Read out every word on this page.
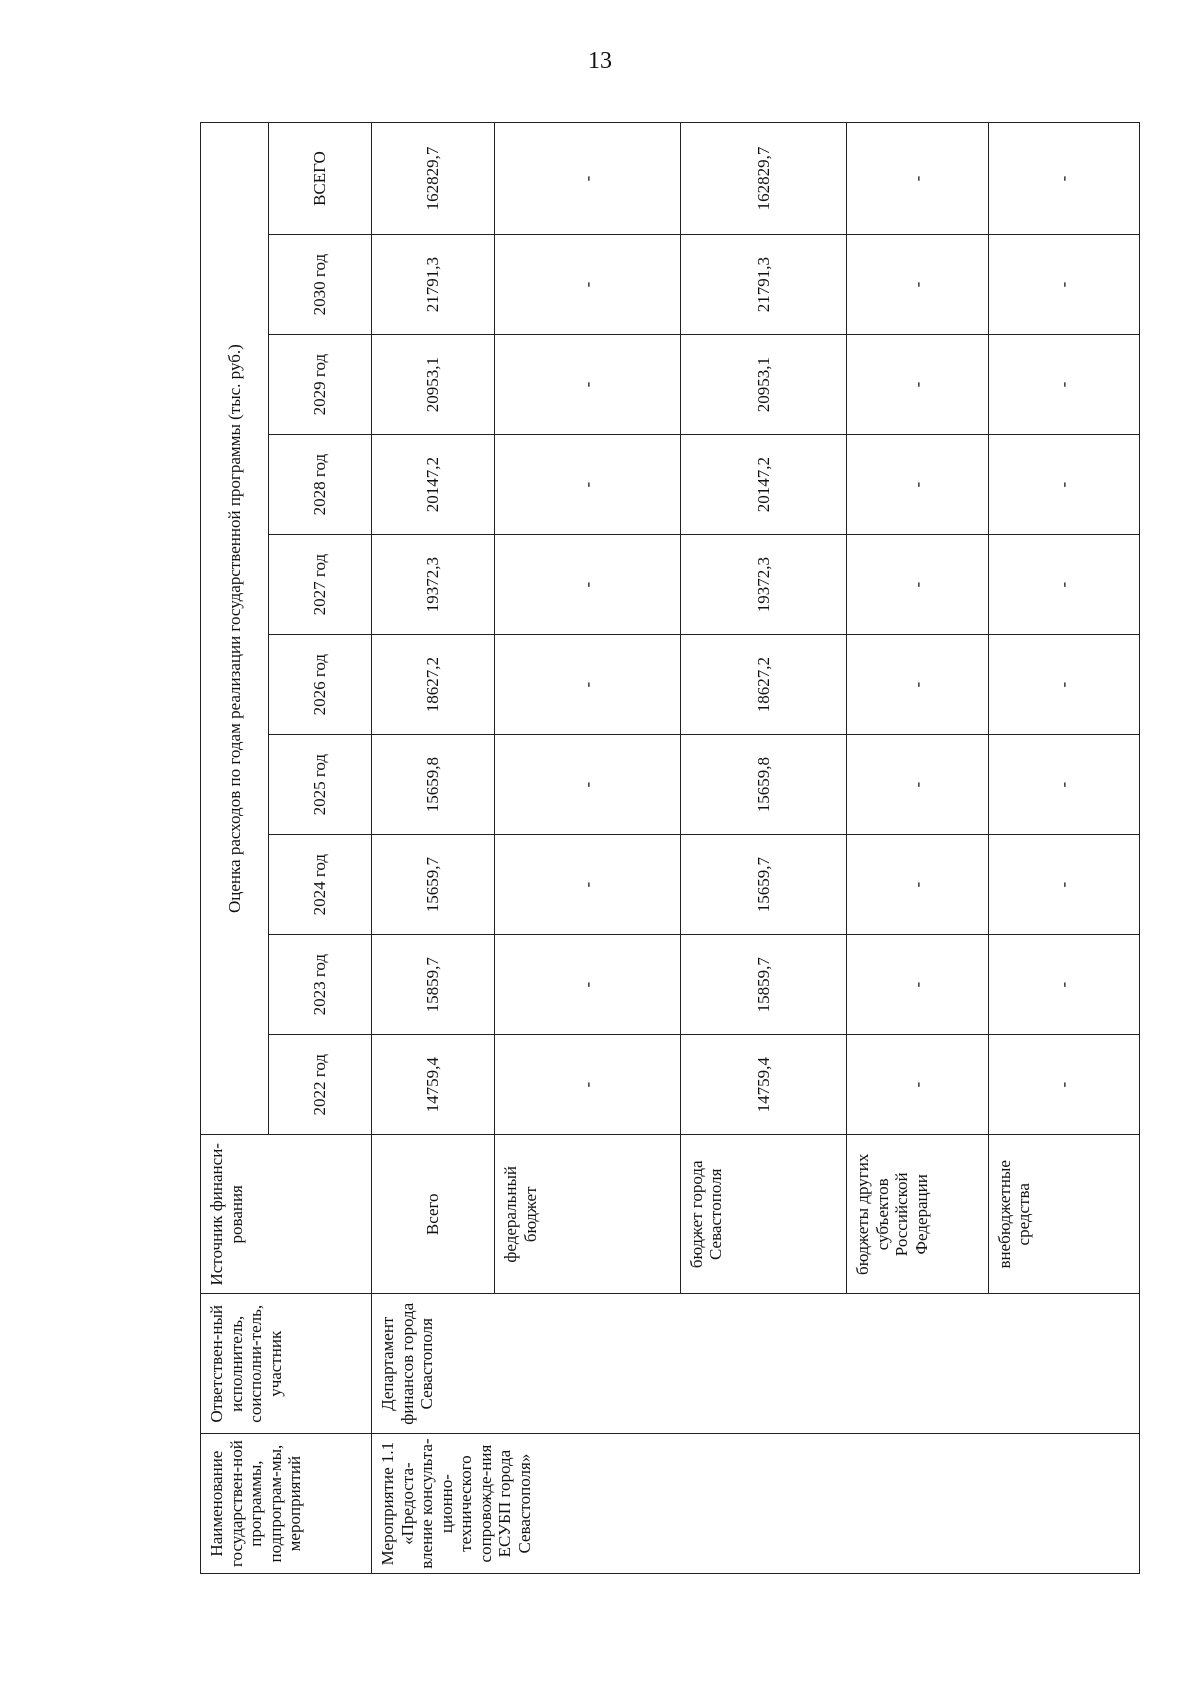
13
Наименование государствен-ной программы, подпрограм-мы, мероприятий	Ответствен-ный исполнитель, соисполни-тель, участник	Источник финанси-рования	Оценка расходов по годам реализации государственной программы (тыс. руб.)									
			2022 год	2023 год	2024 год	2025 год	2026 год	2027 год	2028 год	2029 год	2030 год	ВСЕГО
Мероприятие 1.1 «Предоста-вление консульта-ционно-технического сопровожде-ния ЕСУБП города Севастополя»	Департамент финансов города Севастополя	Всего	14759,4	15859,7	15659,7	15659,8	18627,2	19372,3	20147,2	20953,1	21791,3	162829,7
		федеральный бюджет	-	-	-	-	-	-	-	-	-	-
		бюджет города Севастополя	14759,4	15859,7	15659,7	15659,8	18627,2	19372,3	20147,2	20953,1	21791,3	162829,7
		бюджеты других субъектов Российской Федерации	-	-	-	-	-	-	-	-	-	-
		внебюджетные средства	-	-	-	-	-	-	-	-	-	-
